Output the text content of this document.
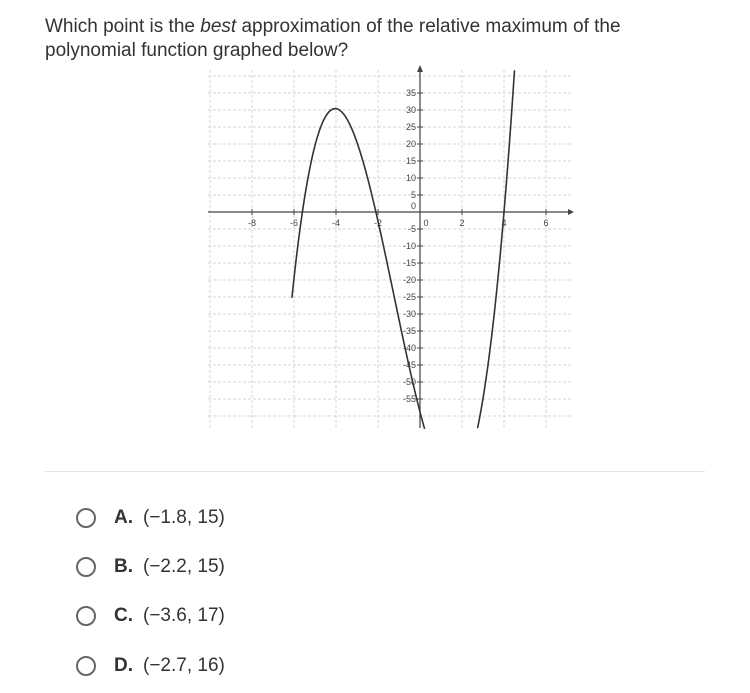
Which point is the best approximation of the relative maximum of the polynomial function graphed below?
-8	-6	-4	-2	0	2	4	6
35
30
25
20
15
10
5
0
-5
-10
-15
-20
-25
-30
-35
-40
-45
-50
-55
A. (−1.8, 15)
B. (−2.2, 15)
C. (−3.6, 17)
D. (−2.7, 16)
